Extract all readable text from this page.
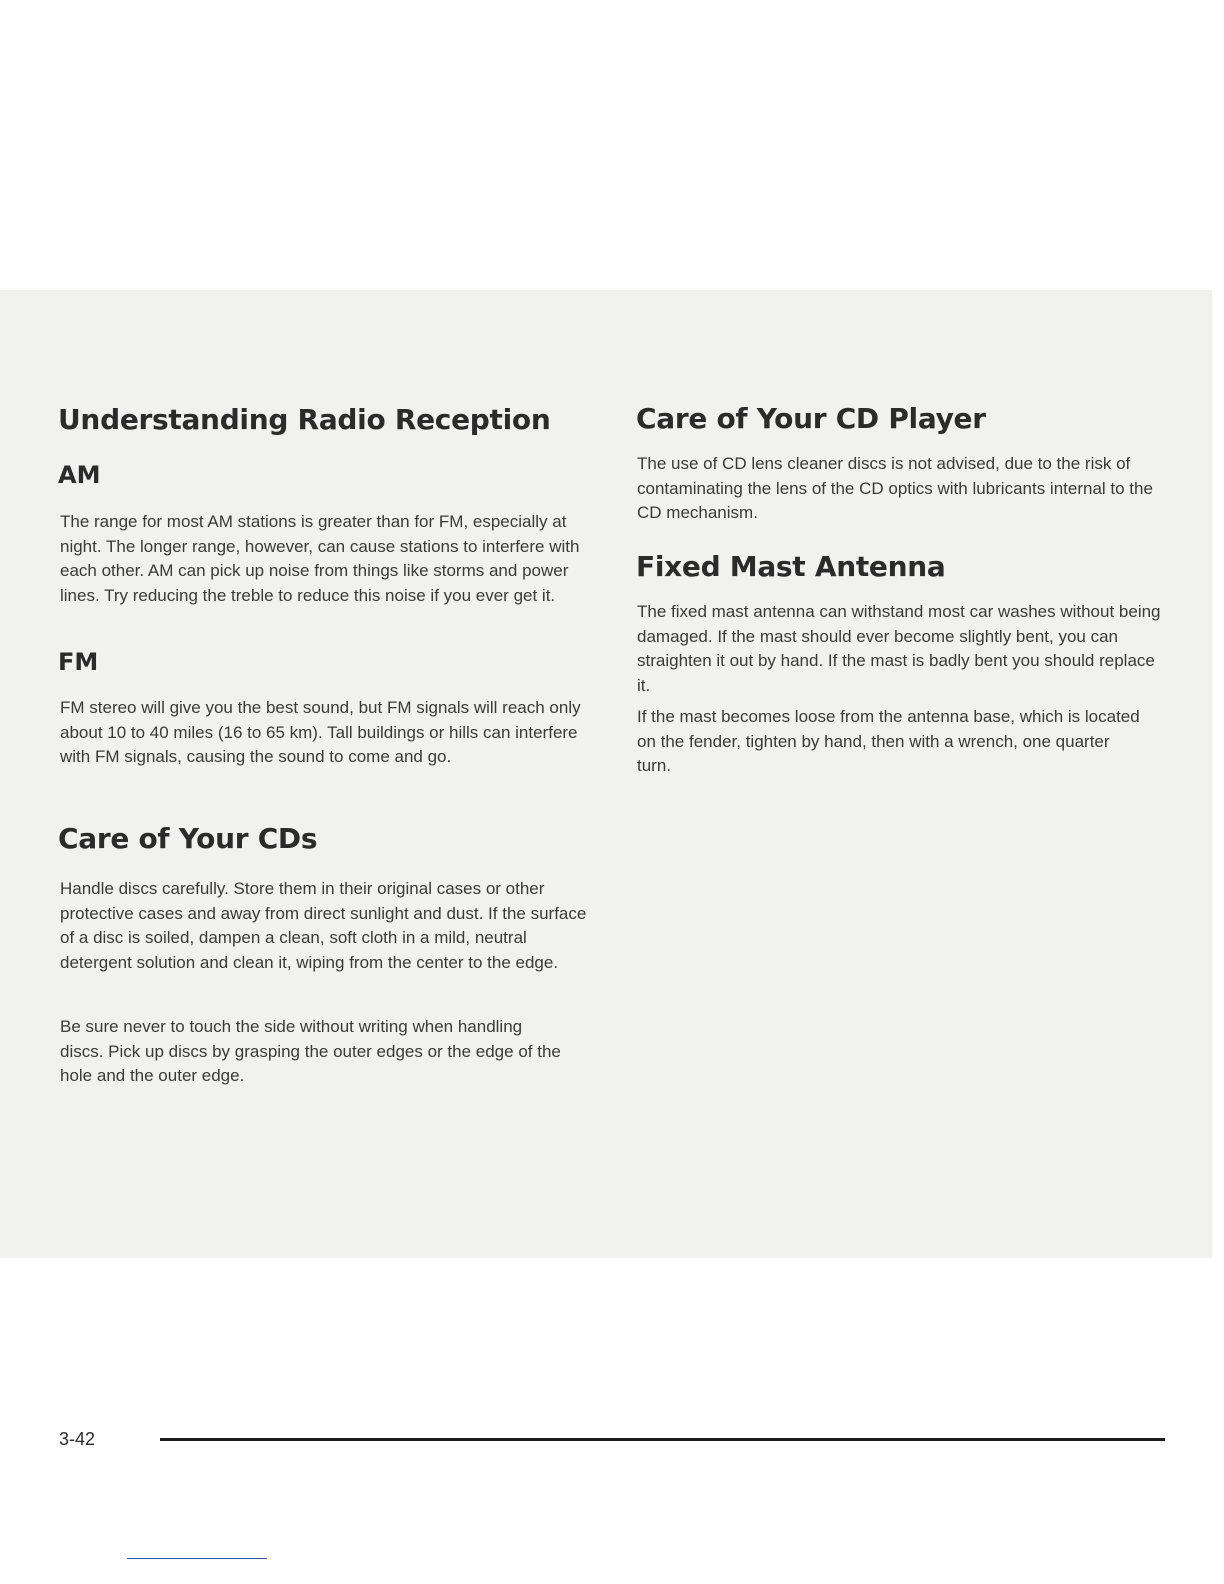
Understanding Radio Reception
AM

The range for most AM stations is greater than for FM, especially at night. The longer range, however, can cause stations to interfere with each other. AM can pick up noise from things like storms and power lines. Try reducing the treble to reduce this noise if you ever get it.

FM

FM stereo will give you the best sound, but FM signals will reach only about 10 to 40 miles (16 to 65 km). Tall buildings or hills can interfere with FM signals, causing the sound to come and go.

Care of Your CDs

Handle discs carefully. Store them in their original cases or other protective cases and away from direct sunlight and dust. If the surface of a disc is soiled, dampen a clean, soft cloth in a mild, neutral detergent solution and clean it, wiping from the center to the edge.

Be sure never to touch the side without writing when handling discs. Pick up discs by grasping the outer edges or the edge of the hole and the outer edge.

Care of Your CD Player

The use of CD lens cleaner discs is not advised, due to the risk of contaminating the lens of the CD optics with lubricants internal to the CD mechanism.

Fixed Mast Antenna

The fixed mast antenna can withstand most car washes without being damaged. If the mast should ever become slightly bent, you can straighten it out by hand. If the mast is badly bent you should replace it.

If the mast becomes loose from the antenna base, which is located on the fender, tighten by hand, then with a wrench, one quarter turn.

3-42
